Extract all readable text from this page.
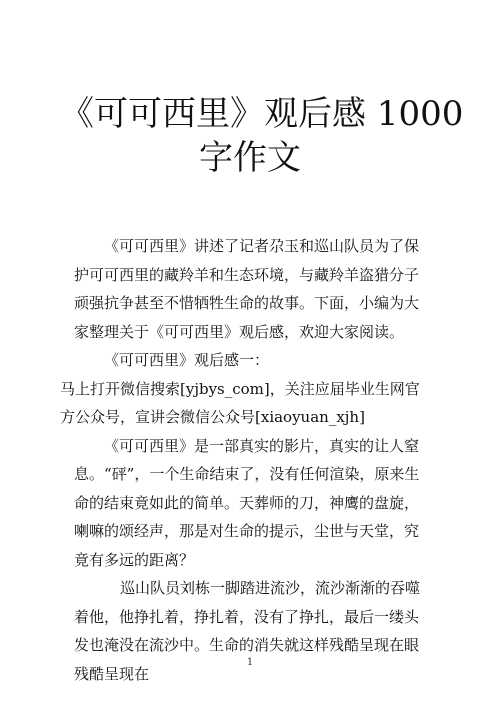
《可可西里》观后感 1000
字作文

《可可西里》讲述了记者尕玉和巡山队员为了保护可可西里的藏羚羊和生态环境，与藏羚羊盗猎分子顽强抗争甚至不惜牺牲生命的故事。下面，小编为大家整理关于《可可西里》观后感，欢迎大家阅读。

《可可西里》观后感一：

马上打开微信搜索[yjbys_com]，关注应届毕业生网官方公众号，宣讲会微信公众号[xiaoyuan_xjh]

《可可西里》是一部真实的影片，真实的让人窒息。“砰”，一个生命结束了，没有任何渲染，原来生命的结束竟如此的简单。天葬师的刀，神鹰的盘旋，喇嘛的颂经声，那是对生命的提示，尘世与天堂，究竟有多远的距离？

巡山队员刘栋一脚踏进流沙，流沙渐渐的吞噬着他，他挣扎着，挣扎着，没有了挣扎，最后一缕头发也淹没在流沙中。生命的消失就这样残酷呈现在眼残酷呈现在

1
